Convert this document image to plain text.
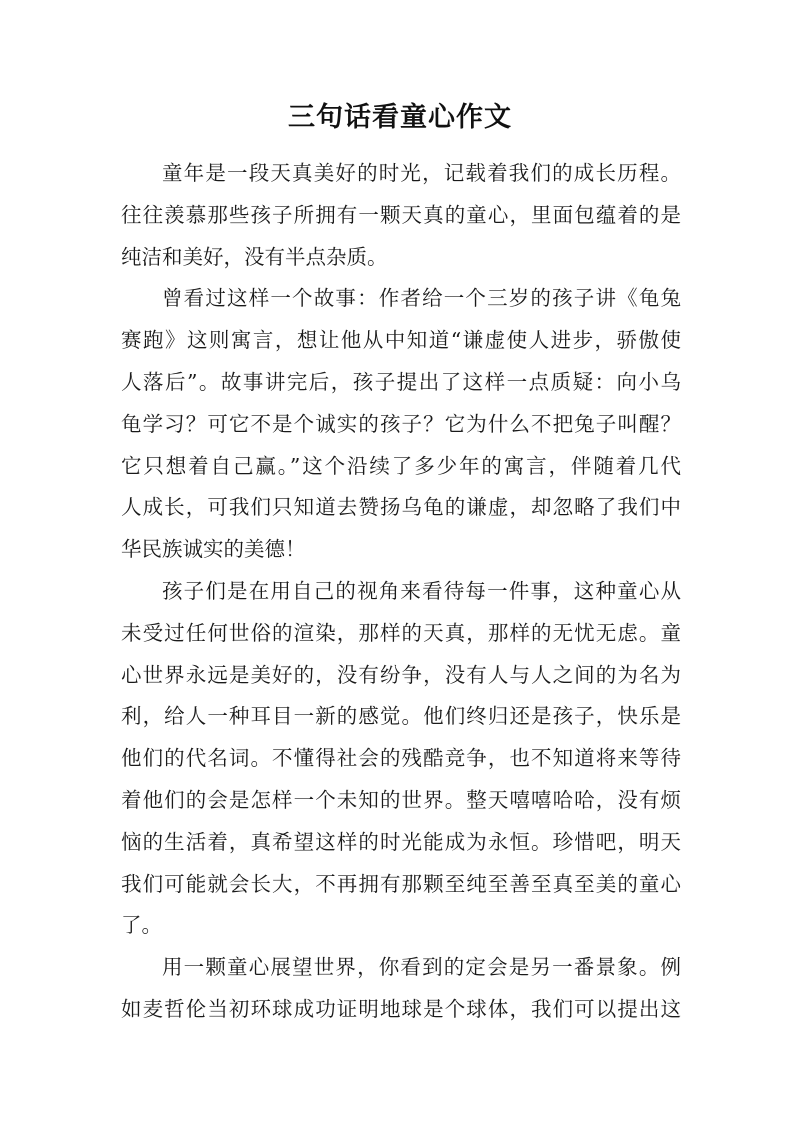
三句话看童心作文
童年是一段天真美好的时光，记载着我们的成长历程。
往往羡慕那些孩子所拥有一颗天真的童心，里面包蕴着的是
纯洁和美好，没有半点杂质。
曾看过这样一个故事：作者给一个三岁的孩子讲《龟兔
赛跑》这则寓言，想让他从中知道“谦虚使人进步，骄傲使
人落后”。故事讲完后，孩子提出了这样一点质疑：向小乌
龟学习？可它不是个诚实的孩子？它为什么不把兔子叫醒？
它只想着自己赢。”这个沿续了多少年的寓言，伴随着几代
人成长，可我们只知道去赞扬乌龟的谦虚，却忽略了我们中
华民族诚实的美德！
孩子们是在用自己的视角来看待每一件事，这种童心从
未受过任何世俗的渲染，那样的天真，那样的无忧无虑。童
心世界永远是美好的，没有纷争，没有人与人之间的为名为
利，给人一种耳目一新的感觉。他们终归还是孩子，快乐是
他们的代名词。不懂得社会的残酷竞争，也不知道将来等待
着他们的会是怎样一个未知的世界。整天嘻嘻哈哈，没有烦
恼的生活着，真希望这样的时光能成为永恒。珍惜吧，明天
我们可能就会长大，不再拥有那颗至纯至善至真至美的童心
了。
用一颗童心展望世界，你看到的定会是另一番景象。例
如麦哲伦当初环球成功证明地球是个球体，我们可以提出这
